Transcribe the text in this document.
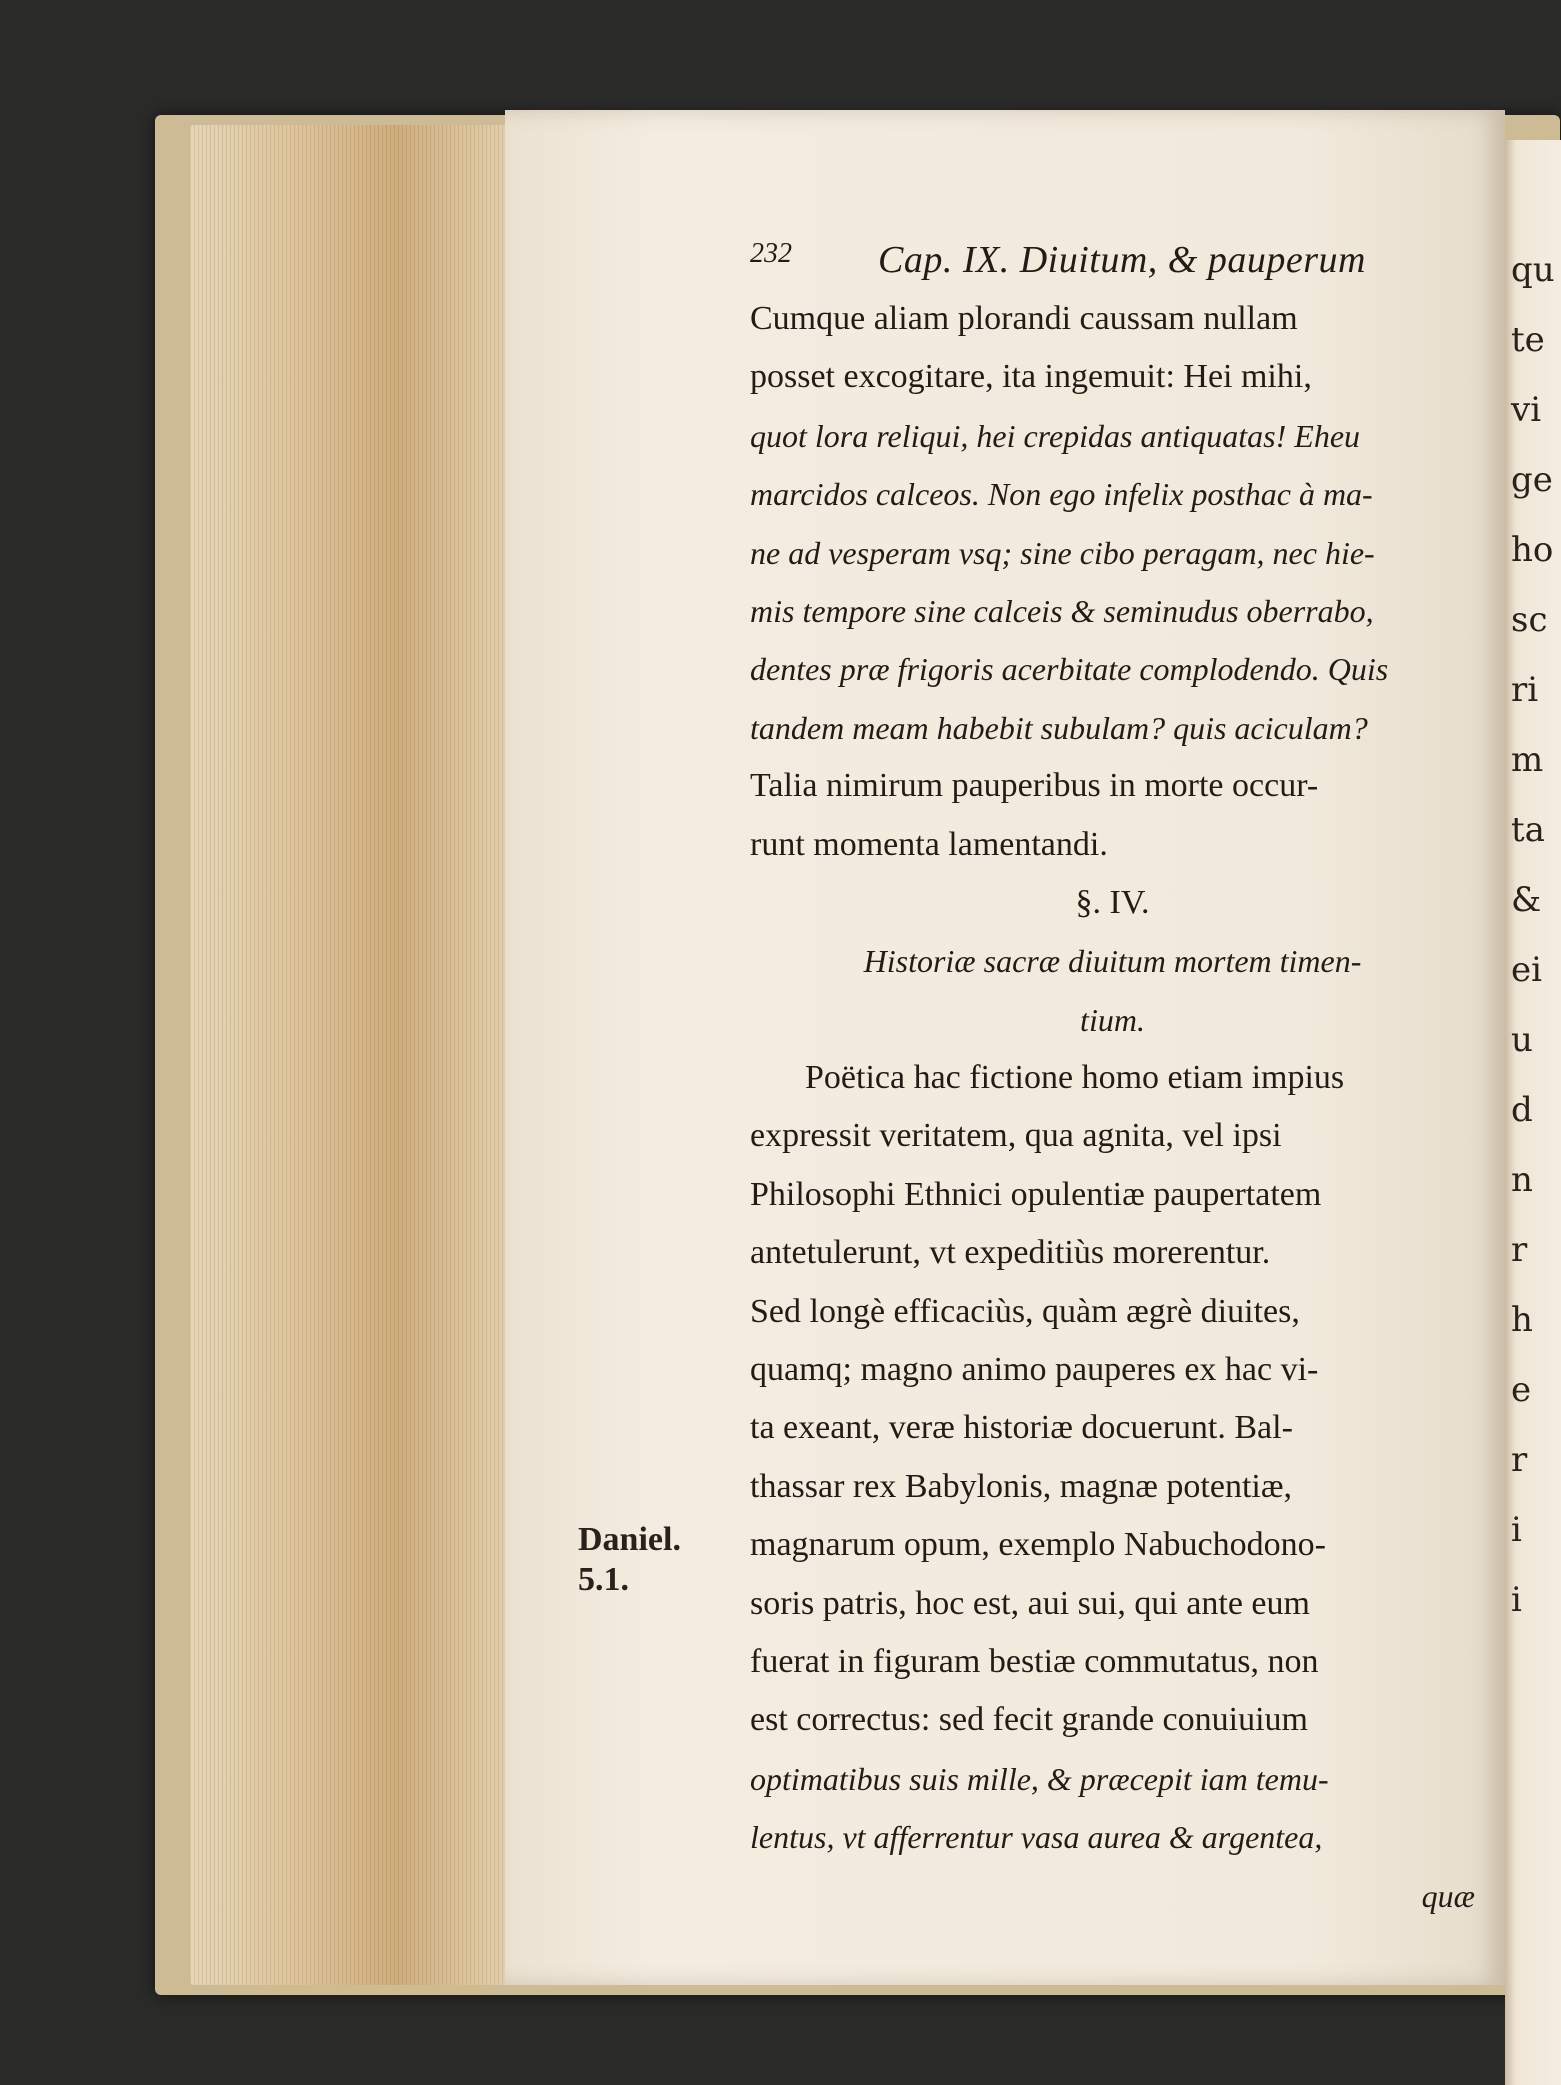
qu
te
vi
ge
ho
sc
ri
m
ta
&
ei
u
d
n
r
h
e
r
i
i
232 Cap. IX. Diuitum, & pauperum
Cumque aliam plorandi caussam nullam
posset excogitare, ita ingemuit: Hei mihi,
quot lora reliqui, hei crepidas antiquatas! Eheu
marcidos calceos. Non ego infelix posthac à ma-
ne ad vesperam vsq; sine cibo peragam, nec hie-
mis tempore sine calceis & seminudus oberrabo,
dentes præ frigoris acerbitate complodendo. Quis
tandem meam habebit subulam? quis aciculam?
Talia nimirum pauperibus in morte occur-
runt momenta lamentandi.
§. IV.
Historiæ sacræ diuitum mortem timen-
tium.
Poëtica hac fictione homo etiam impius
expressit veritatem, qua agnita, vel ipsi
Philosophi Ethnici opulentiæ paupertatem
antetulerunt, vt expeditiùs morerentur.
Sed longè efficaciùs, quàm ægrè diuites,
quamq; magno animo pauperes ex hac vi-
ta exeant, veræ historiæ docuerunt. Bal-
thassar rex Babylonis, magnæ potentiæ,
magnarum opum, exemplo Nabuchodono-
soris patris, hoc est, aui sui, qui ante eum
fuerat in figuram bestiæ commutatus, non
est correctus: sed fecit grande conuiuium
optimatibus suis mille, & præcepit iam temu-
lentus, vt afferrentur vasa aurea & argentea,
quæ
Daniel.
5.1.
